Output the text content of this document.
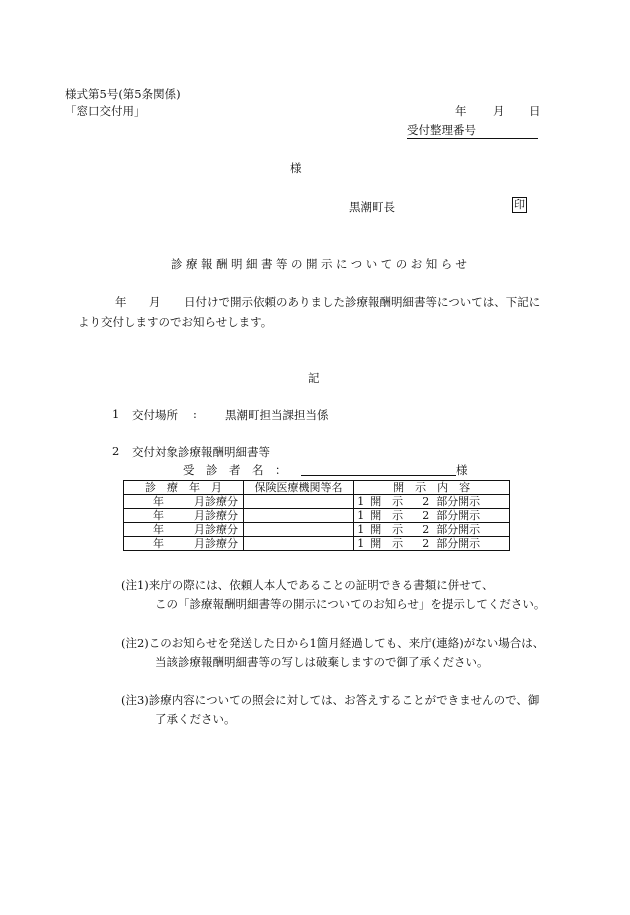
様式第5号(第5条関係)
「窓口交付用」	年 月 日
受付整理番号
様
黒潮町長	印
診療報酬明細書等の開示についてのお知らせ
年 月 日付けで開示依頼のありました診療報酬明細書等については、下記に
より交付しますのでお知らせします。
記
1 交付場所 : 黒潮町担当課担当係
2 交付対象診療報酬明細書等
受　診　者　名　：	様
診　療　年　月	保険医療機関等名	開　示　内　容
年 月診療分		1 開　示 2 部分開示
年 月診療分		1 開　示 2 部分開示
年 月診療分		1 開　示 2 部分開示
年 月診療分		1 開　示 2 部分開示
(注1)来庁の際には、依頼人本人であることの証明できる書類に併せて、
この「診療報酬明細書等の開示についてのお知らせ」を提示してください。
(注2)このお知らせを発送した日から1箇月経過しても、来庁(連絡)がない場合は、
当該診療報酬明細書等の写しは破棄しますので御了承ください。
(注3)診療内容についての照会に対しては、お答えすることができませんので、御
了承ください。
